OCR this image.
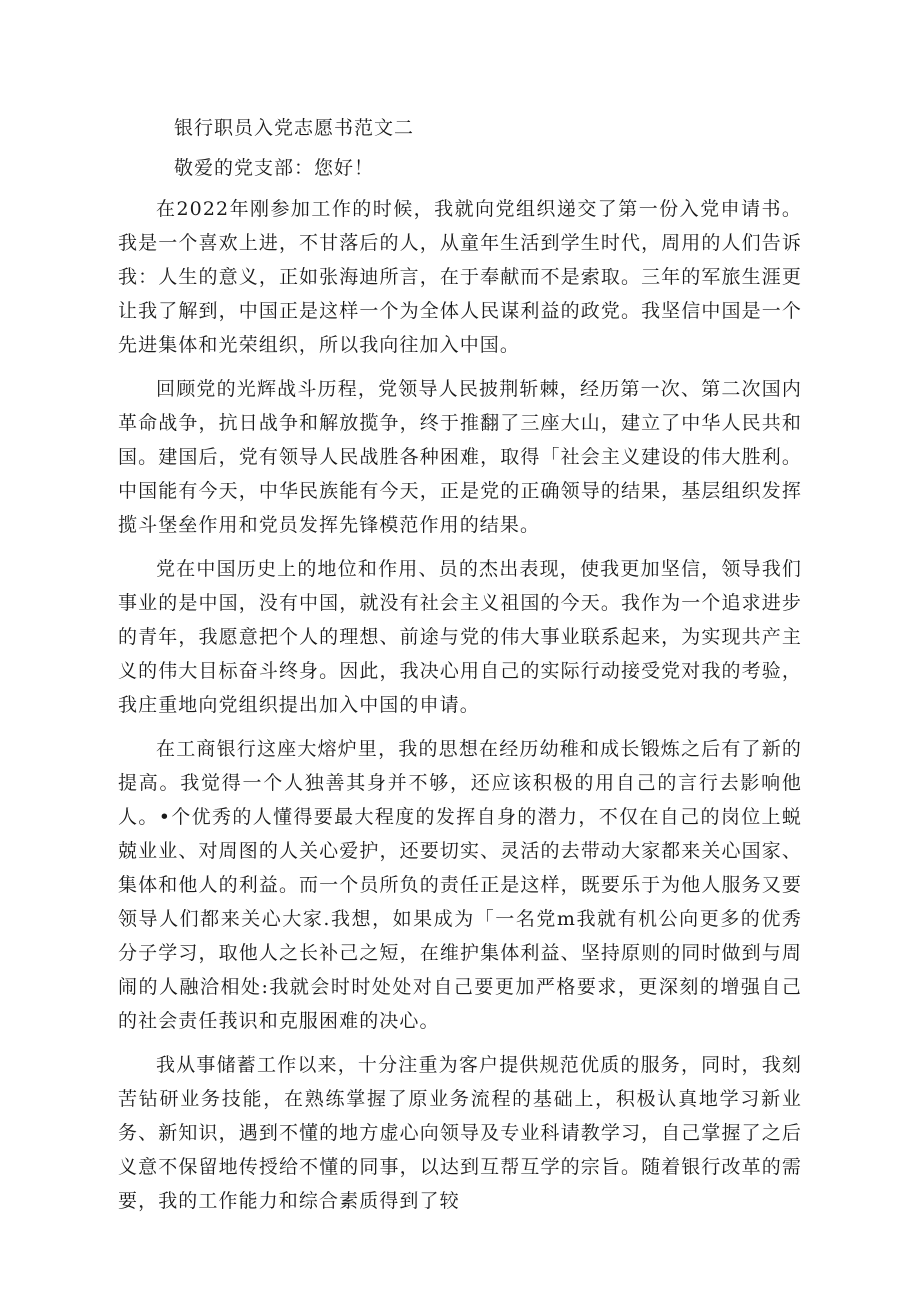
银行职员入党志愿书范文二
敬爱的党支部：您好！

在2022年刚参加工作的时候，我就向党组织递交了第一份入党申请书。我是一个喜欢上进，不甘落后的人，从童年生活到学生时代，周用的人们告诉我：人生的意义，正如张海迪所言，在于奉献而不是索取。三年的军旅生涯更让我了解到，中国正是这样一个为全体人民谋利益的政党。我坚信中国是一个先进集体和光荣组织，所以我向往加入中国。

回顾党的光辉战斗历程，党领导人民披荆斩棘，经历第一次、第二次国内革命战争，抗日战争和解放揽争，终于推翻了三座大山，建立了中华人民共和国。建国后，党有领导人民战胜各种困难，取得「社会主义建设的伟大胜利。中国能有今天，中华民族能有今天，正是党的正确领导的结果，基层组织发挥揽斗堡垒作用和党员发挥先锋模范作用的结果。

党在中国历史上的地位和作用、员的杰出表现，使我更加坚信，领导我们事业的是中国，没有中国，就没有社会主义祖国的今天。我作为一个追求进步的青年，我愿意把个人的理想、前途与党的伟大事业联系起来，为实现共产主义的伟大目标奋斗终身。因此，我决心用自己的实际行动接受党对我的考验，我庄重地向党组织提出加入中国的申请。

在工商银行这座大熔炉里，我的思想在经历幼稚和成长锻炼之后有了新的提高。我觉得一个人独善其身并不够，还应该积极的用自己的言行去影响他人。•个优秀的人懂得要最大程度的发挥自身的潜力，不仅在自己的岗位上蜕兢业业、对周图的人关心爱护，还要切实、灵活的去带动大家都来关心国家、集体和他人的利益。而一个员所负的责任正是这样，既要乐于为他人服务又要领导人们都来关心大家.我想，如果成为「一名党m我就有机公向更多的优秀分子学习，取他人之长补己之短，在维护集体利益、坚持原则的同时做到与周闹的人融洽相处:我就会时时处处对自己要更加严格要求，更深刻的增强自己的社会责任莪识和克服困难的决心。

我从事储蓄工作以来，十分注重为客户提供规范优质的服务，同时，我刻苦钻研业务技能，在熟练掌握了原业务流程的基础上，积极认真地学习新业务、新知识，遇到不懂的地方虚心向领导及专业科请教学习，自己掌握了之后义意不保留地传授给不懂的同事，以达到互帮互学的宗旨。随着银行改革的需要，我的工作能力和综合素质得到了较
